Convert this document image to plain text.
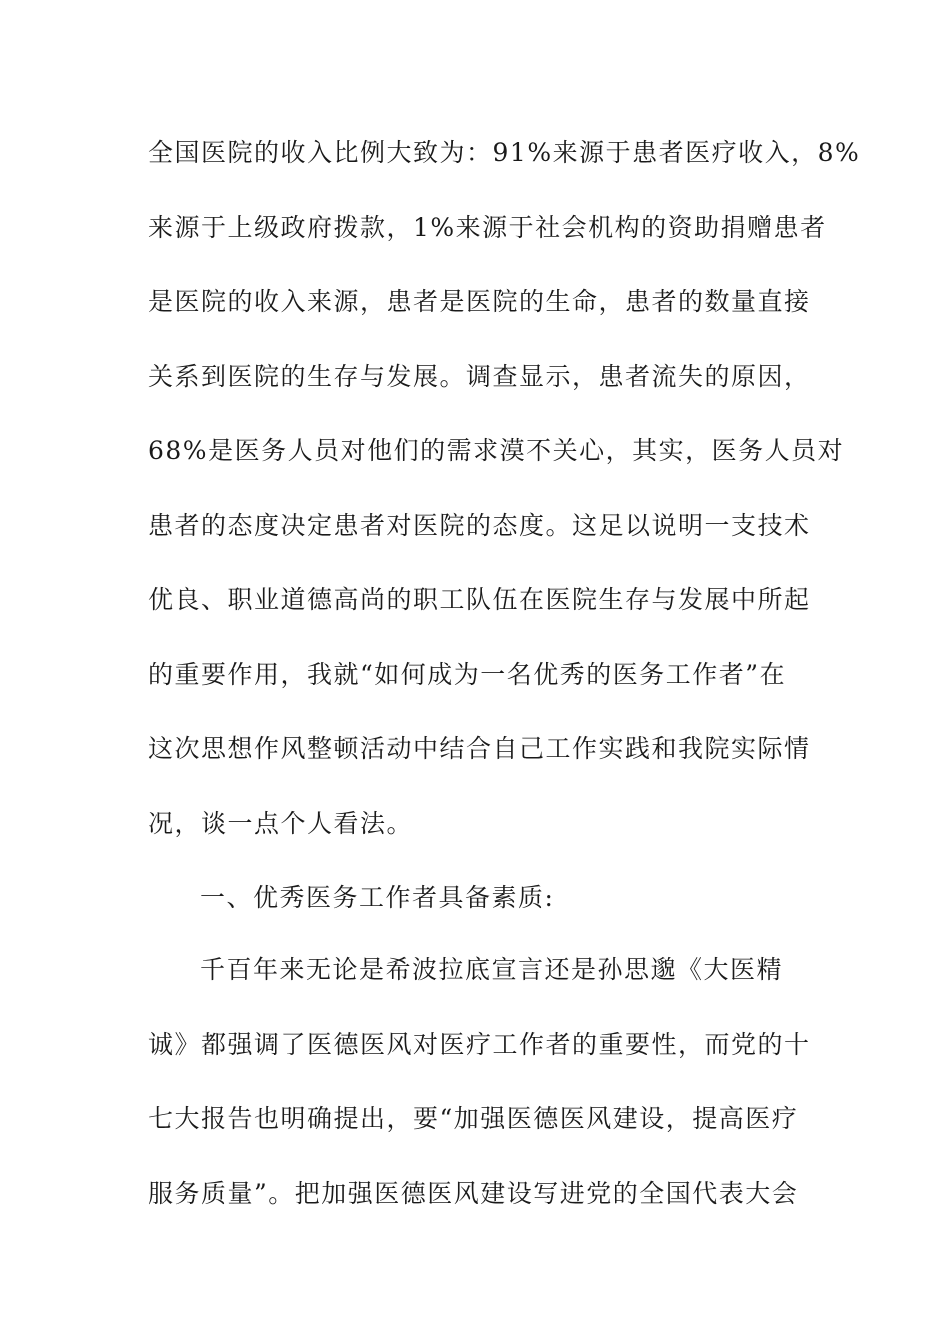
全国医院的收入比例大致为：91%来源于患者医疗收入，8%
来源于上级政府拨款，1%来源于社会机构的资助捐赠患者
是医院的收入来源，患者是医院的生命，患者的数量直接
关系到医院的生存与发展。调查显示，患者流失的原因，
68%是医务人员对他们的需求漠不关心，其实，医务人员对
患者的态度决定患者对医院的态度。这足以说明一支技术
优良、职业道德高尚的职工队伍在医院生存与发展中所起
的重要作用，我就“如何成为一名优秀的医务工作者”在
这次思想作风整顿活动中结合自己工作实践和我院实际情
况，谈一点个人看法。
一、优秀医务工作者具备素质:
千百年来无论是希波拉底宣言还是孙思邈《大医精
诚》都强调了医德医风对医疗工作者的重要性，而党的十
七大报告也明确提出，要“加强医德医风建设，提高医疗
服务质量”。把加强医德医风建设写进党的全国代表大会
